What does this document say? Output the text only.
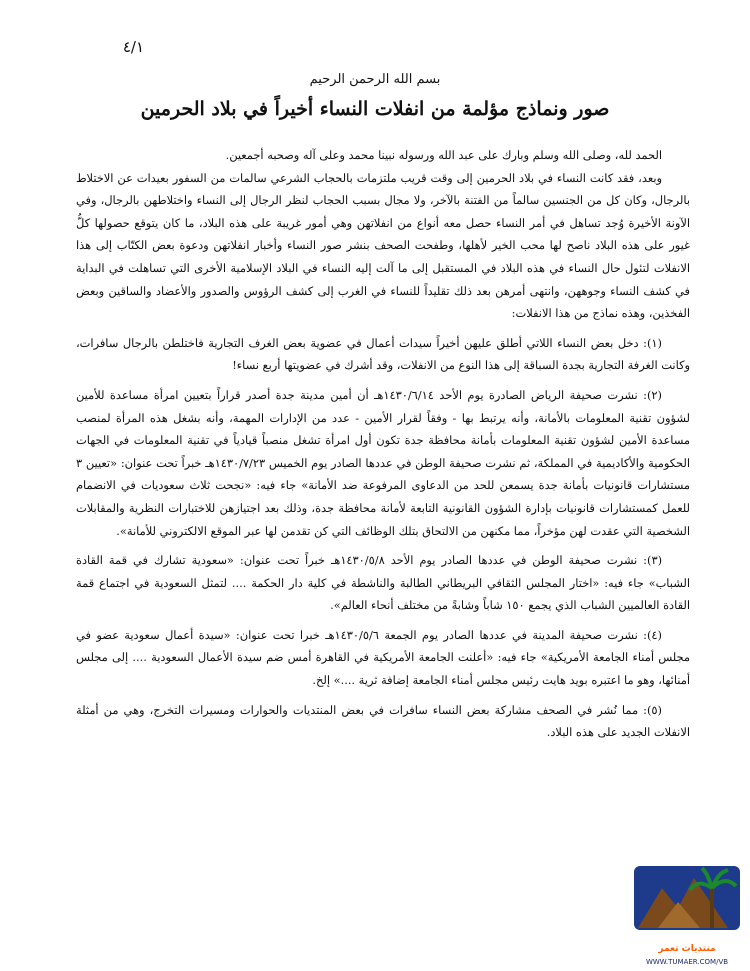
٤/١
بسم الله الرحمن الرحيم
صور ونماذج مؤلمة من انفلات النساء أخيراً في بلاد الحرمين

الحمد لله، وصلى الله وسلم وبارك على عبد الله ورسوله نبينا محمد وعلى آله وصحبه أجمعين.

وبعد، فقد كانت النساء في بلاد الحرمين إلى وقت قريب ملتزمات بالحجاب الشرعي سالمات من السفور بعيدات عن الاختلاط بالرجال، وكان كل من الجنسين سالماً من الفتنة بالآخر، ولا مجال بسبب الحجاب لنظر الرجال إلى النساء واختلاطهن بالرجال، وفي الآونة الأخيرة وُجد تساهل في أمر النساء حصل معه أنواع من انفلاتهن وهي أمور غريبة على هذه البلاد، ما كان يتوقع حصولها كلُّ غيور على هذه البلاد ناصح لها محب الخير لأهلها، وطفحت الصحف بنشر صور النساء وأخبار انفلاتهن ودعوة بعض الكتّاب إلى هذا الانفلات لتئول حال النساء في هذه البلاد في المستقبل إلى ما آلت إليه النساء في البلاد الإسلامية الأخرى التي تساهلت في البداية في كشف النساء وجوههن، وانتهى أمرهن بعد ذلك تقليداً للنساء في الغرب إلى كشف الرؤوس والصدور والأعضاد والساقين وبعض الفخذين، وهذه نماذج من هذا الانفلات:

(١): دخل بعض النساء اللاتي أطلق عليهن أخيراً سيدات أعمال في عضوية بعض الغرف التجارية فاختلطن بالرجال سافرات، وكانت الغرفة التجارية بجدة السباقة إلى هذا النوع من الانفلات، وقد أشرك في عضويتها أربع نساء!

(٢): نشرت صحيفة الرياض الصادرة يوم الأحد ١٤٣٠/٦/١٤هـ أن أمين مدينة جدة أصدر قراراً بتعيين امرأة مساعدة للأمين لشؤون تقنية المعلومات بالأمانة، وأنه يرتبط بها - وفقاً لقرار الأمين - عدد من الإدارات المهمة، وأنه بشغل هذه المرأة لمنصب مساعدة الأمين لشؤون تقنية المعلومات بأمانة محافظة جدة تكون أول امرأة تشغل منصباً قيادياً في تقنية المعلومات في الجهات الحكومية والأكاديمية في المملكة، ثم نشرت صحيفة الوطن في عددها الصادر يوم الخميس ١٤٣٠/٧/٢٣هـ خبراً تحت عنوان: «تعيين ٣ مستشارات قانونيات بأمانة جدة يسمعن للحد من الدعاوى المرفوعة ضد الأمانة» جاء فيه: «نجحت ثلاث سعوديات في الانضمام للعمل كمستشارات قانونيات بإدارة الشؤون القانونية التابعة لأمانة محافظة جدة، وذلك بعد اجتيازهن للاختبارات النظرية والمقابلات الشخصية التي عقدت لهن مؤخراً، مما مكنهن من الالتحاق بتلك الوظائف التي كن تقدمن لها عبر الموقع الالكتروني للأمانة».

(٣): نشرت صحيفة الوطن في عددها الصادر يوم الأحد ١٤٣٠/٥/٨هـ خبراً تحت عنوان: «سعودية تشارك في قمة القادة الشباب» جاء فيه: «اختار المجلس الثقافي البريطاني الطالبة والناشطة في كلية دار الحكمة .... لتمثل السعودية في اجتماع قمة القادة العالميين الشباب الذي يجمع ١٥٠ شاباً وشابةً من مختلف أنحاء العالم».

(٤): نشرت صحيفة المدينة في عددها الصادر يوم الجمعة ١٤٣٠/٥/٦هـ خبرا تحت عنوان: «سيدة أعمال سعودية عضو في مجلس أمناء الجامعة الأمريكية» جاء فيه: «أعلنت الجامعة الأمريكية في القاهرة أمس ضم سيدة الأعمال السعودية .... إلى مجلس أمنائها، وهو ما اعتبره بويد هايت رئيس مجلس أمناء الجامعة إضافة ثرية ....» إلخ.

(٥): مما نُشر في الصحف مشاركة بعض النساء سافرات في بعض المنتديات والحوارات ومسيرات التخرج، وهي من أمثلة الانفلات الجديد على هذه البلاد.

منتديات تعمر
WWW.TUMAER.COM/VB
